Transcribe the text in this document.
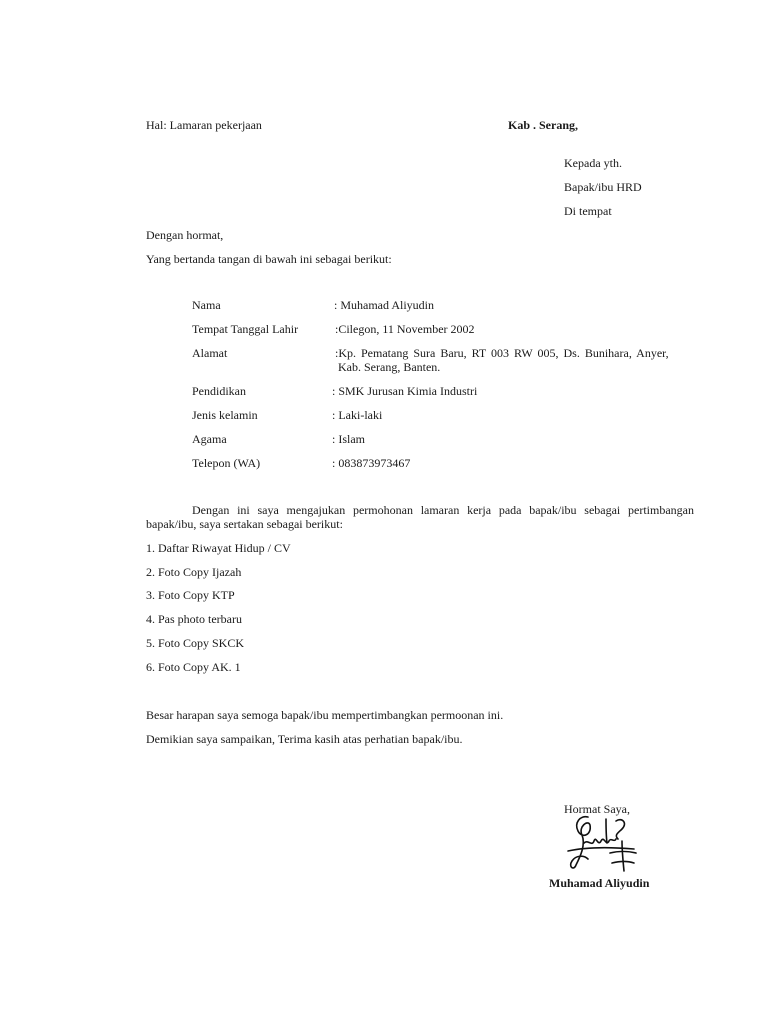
Hal: Lamaran pekerjaan	Kab . Serang,
Kepada yth.
Bapak/ibu HRD
Di tempat
Dengan hormat,
Yang bertanda tangan di bawah ini sebagai berikut:
Nama	: Muhamad Aliyudin
Tempat Tanggal Lahir	:Cilegon, 11 November 2002
Alamat	:Kp. Pematang Sura Baru, RT 003 RW 005, Ds. Bunihara, Anyer,
Kab. Serang, Banten.
Pendidikan	: SMK Jurusan Kimia Industri
Jenis kelamin	: Laki-laki
Agama	: Islam
Telepon (WA)	: 083873973467
Dengan ini saya mengajukan permohonan lamaran kerja pada bapak/ibu sebagai pertimbangan bapak/ibu, saya sertakan sebagai berikut:
1. Daftar Riwayat Hidup / CV
2. Foto Copy Ijazah
3. Foto Copy KTP
4. Pas photo terbaru
5. Foto Copy SKCK
6. Foto Copy AK. 1
Besar harapan saya semoga bapak/ibu mempertimbangkan permoonan ini.
Demikian saya sampaikan, Terima kasih atas perhatian bapak/ibu.
Hormat Saya,
Muhamad Aliyudin
